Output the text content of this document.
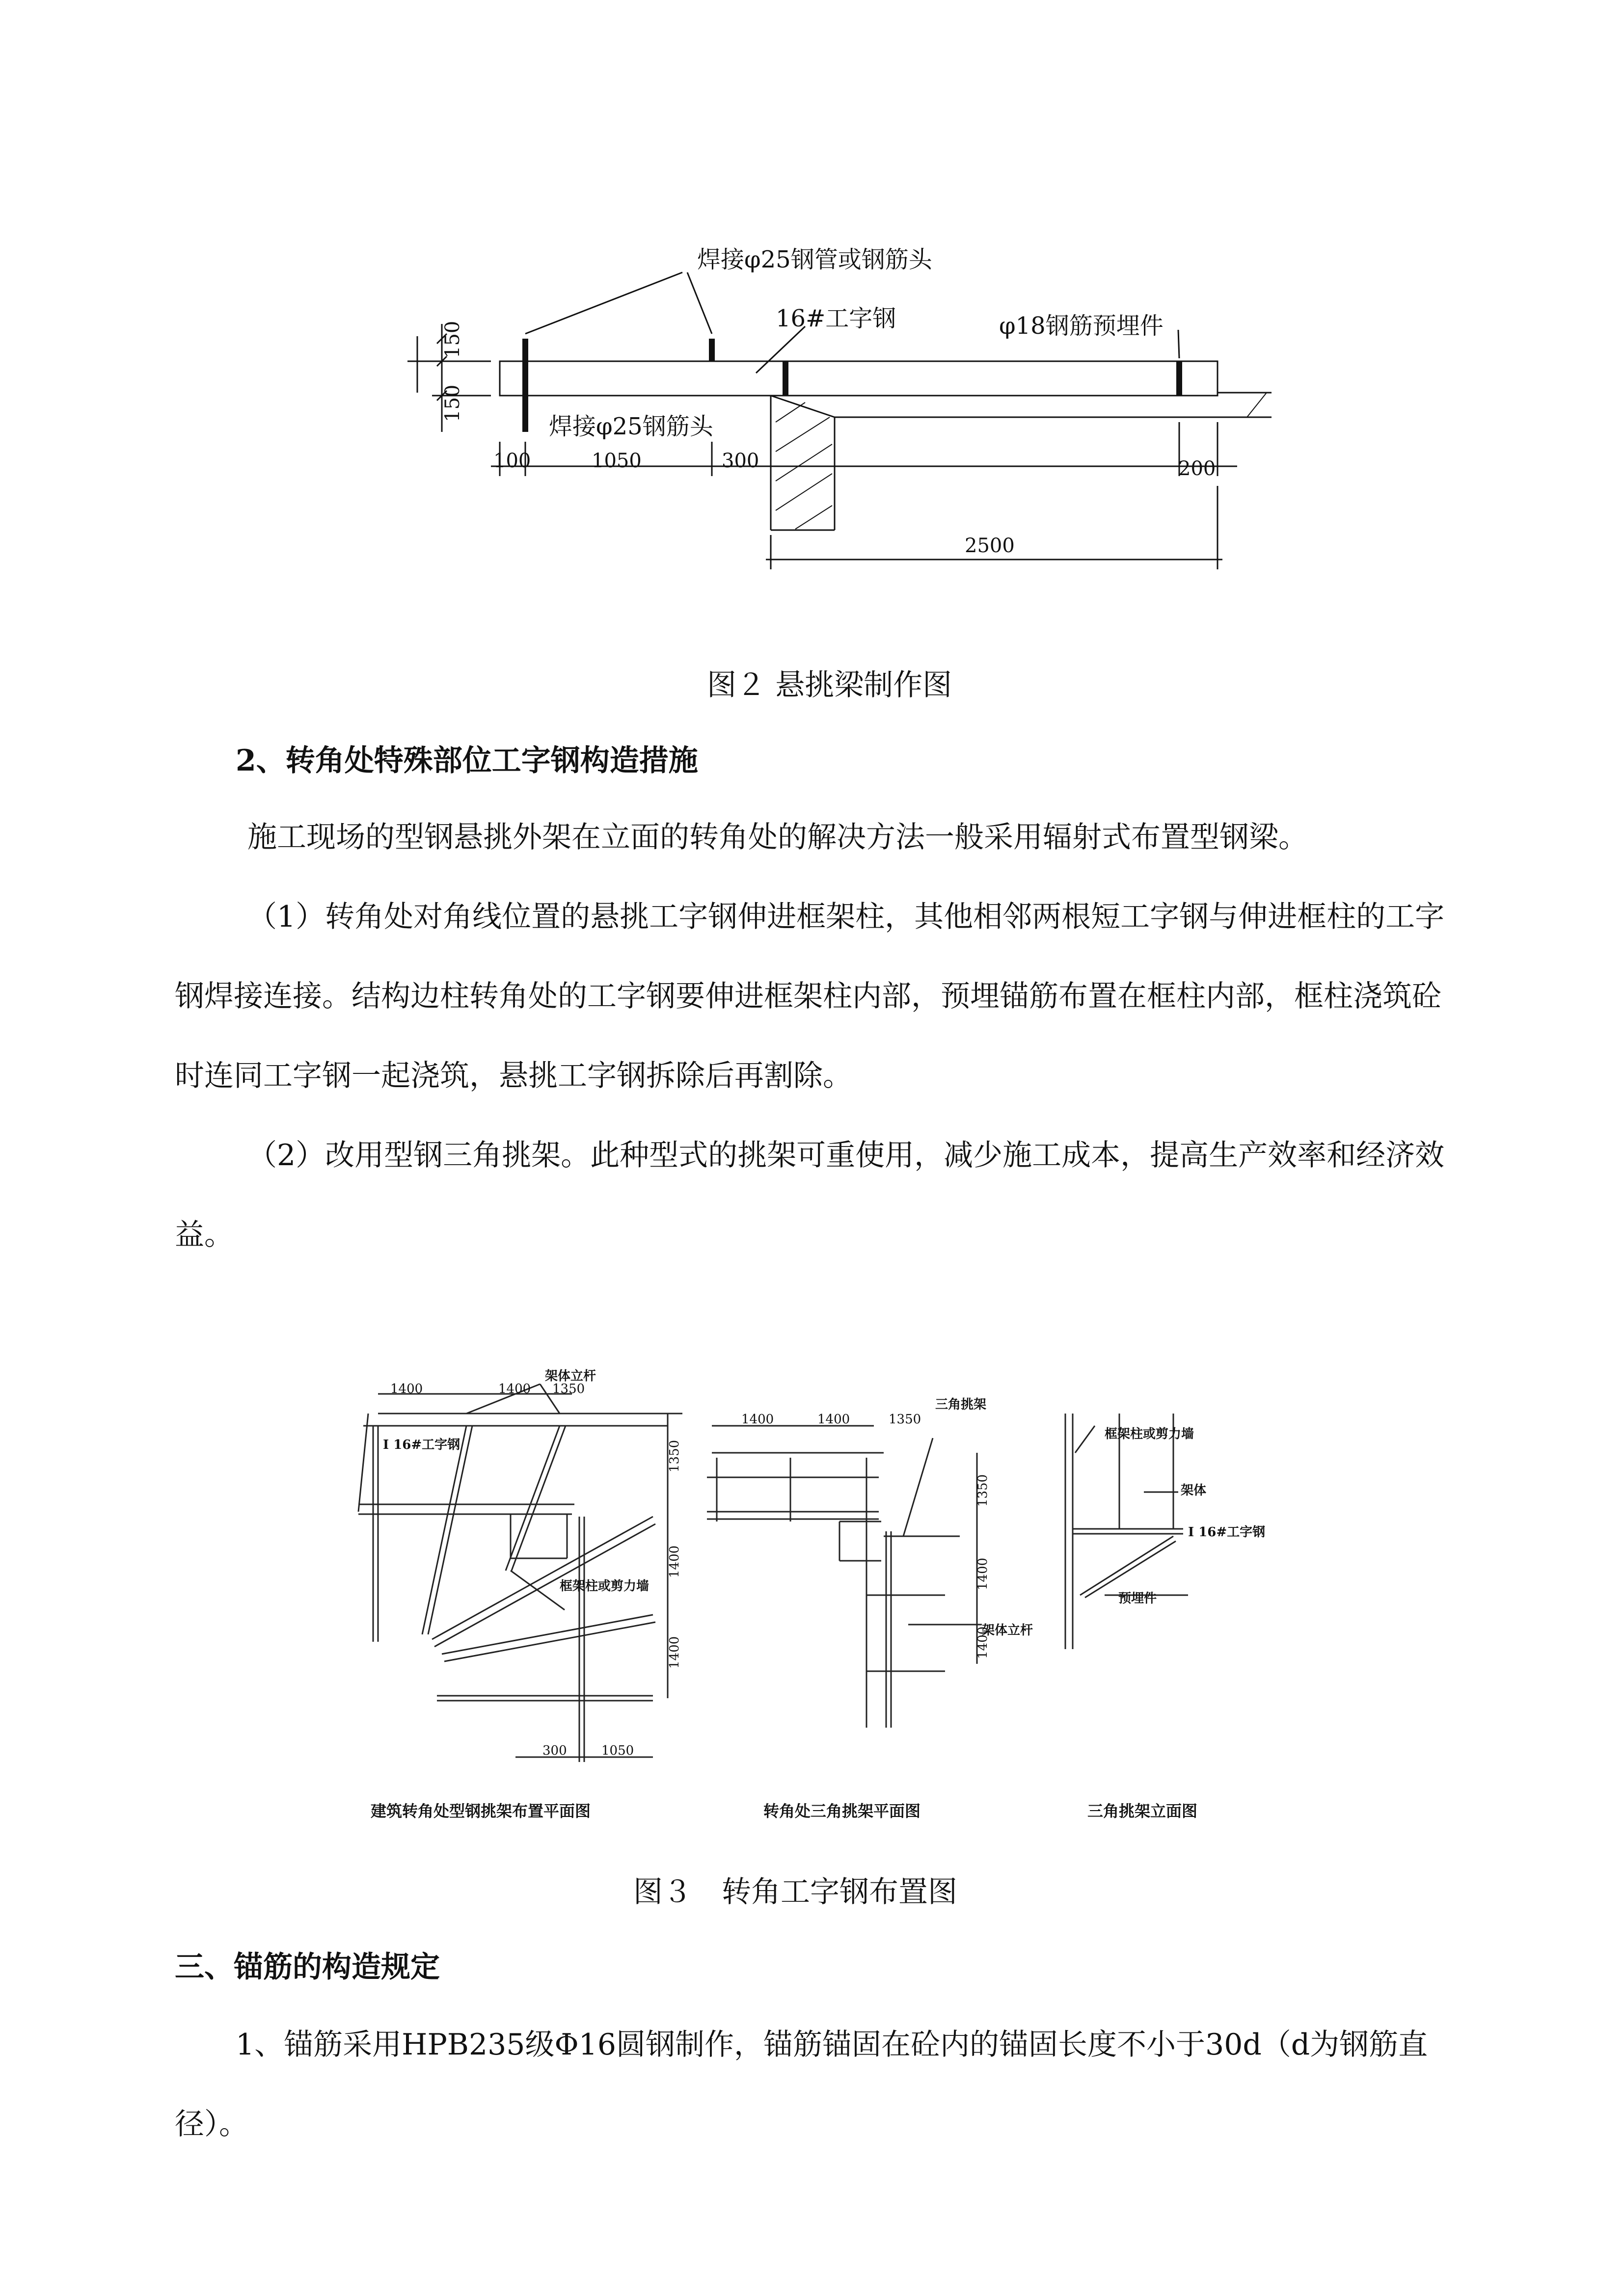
焊接φ25钢管或钢筋头
16#工字钢	φ18钢筋预埋件
焊接φ25钢筋头
150
150
100	1050	300	200
2500
图２ 悬挑梁制作图
2、转角处特殊部位工字钢构造措施

施工现场的型钢悬挑外架在立面的转角处的解决方法一般采用辐射式布置型钢梁。

（1）转角处对角线位置的悬挑工字钢伸进框架柱，其他相邻两根短工字钢与伸进框柱的工字钢焊接连接。结构边柱转角处的工字钢要伸进框架柱内部，预埋锚筋布置在框柱内部，框柱浇筑砼时连同工字钢一起浇筑，悬挑工字钢拆除后再割除。

（2）改用型钢三角挑架。此种型式的挑架可重使用，减少施工成本，提高生产效率和经济效益。

1400	1400 1350
架体立杆
I 16#工字钢
框架柱或剪力墙
1350
1400
1400
300	1050
1400	1400	1350
三角挑架
架体立杆
1350
1400
1400
框架柱或剪力墙
架体
I 16#工字钢
预埋件
建筑转角处型钢挑架布置平面图	转角处三角挑架平面图	三角挑架立面图
图３　转角工字钢布置图
三、锚筋的构造规定

1、锚筋采用HPB235级Φ16圆钢制作，锚筋锚固在砼内的锚固长度不小于30d（d为钢筋直径）。
